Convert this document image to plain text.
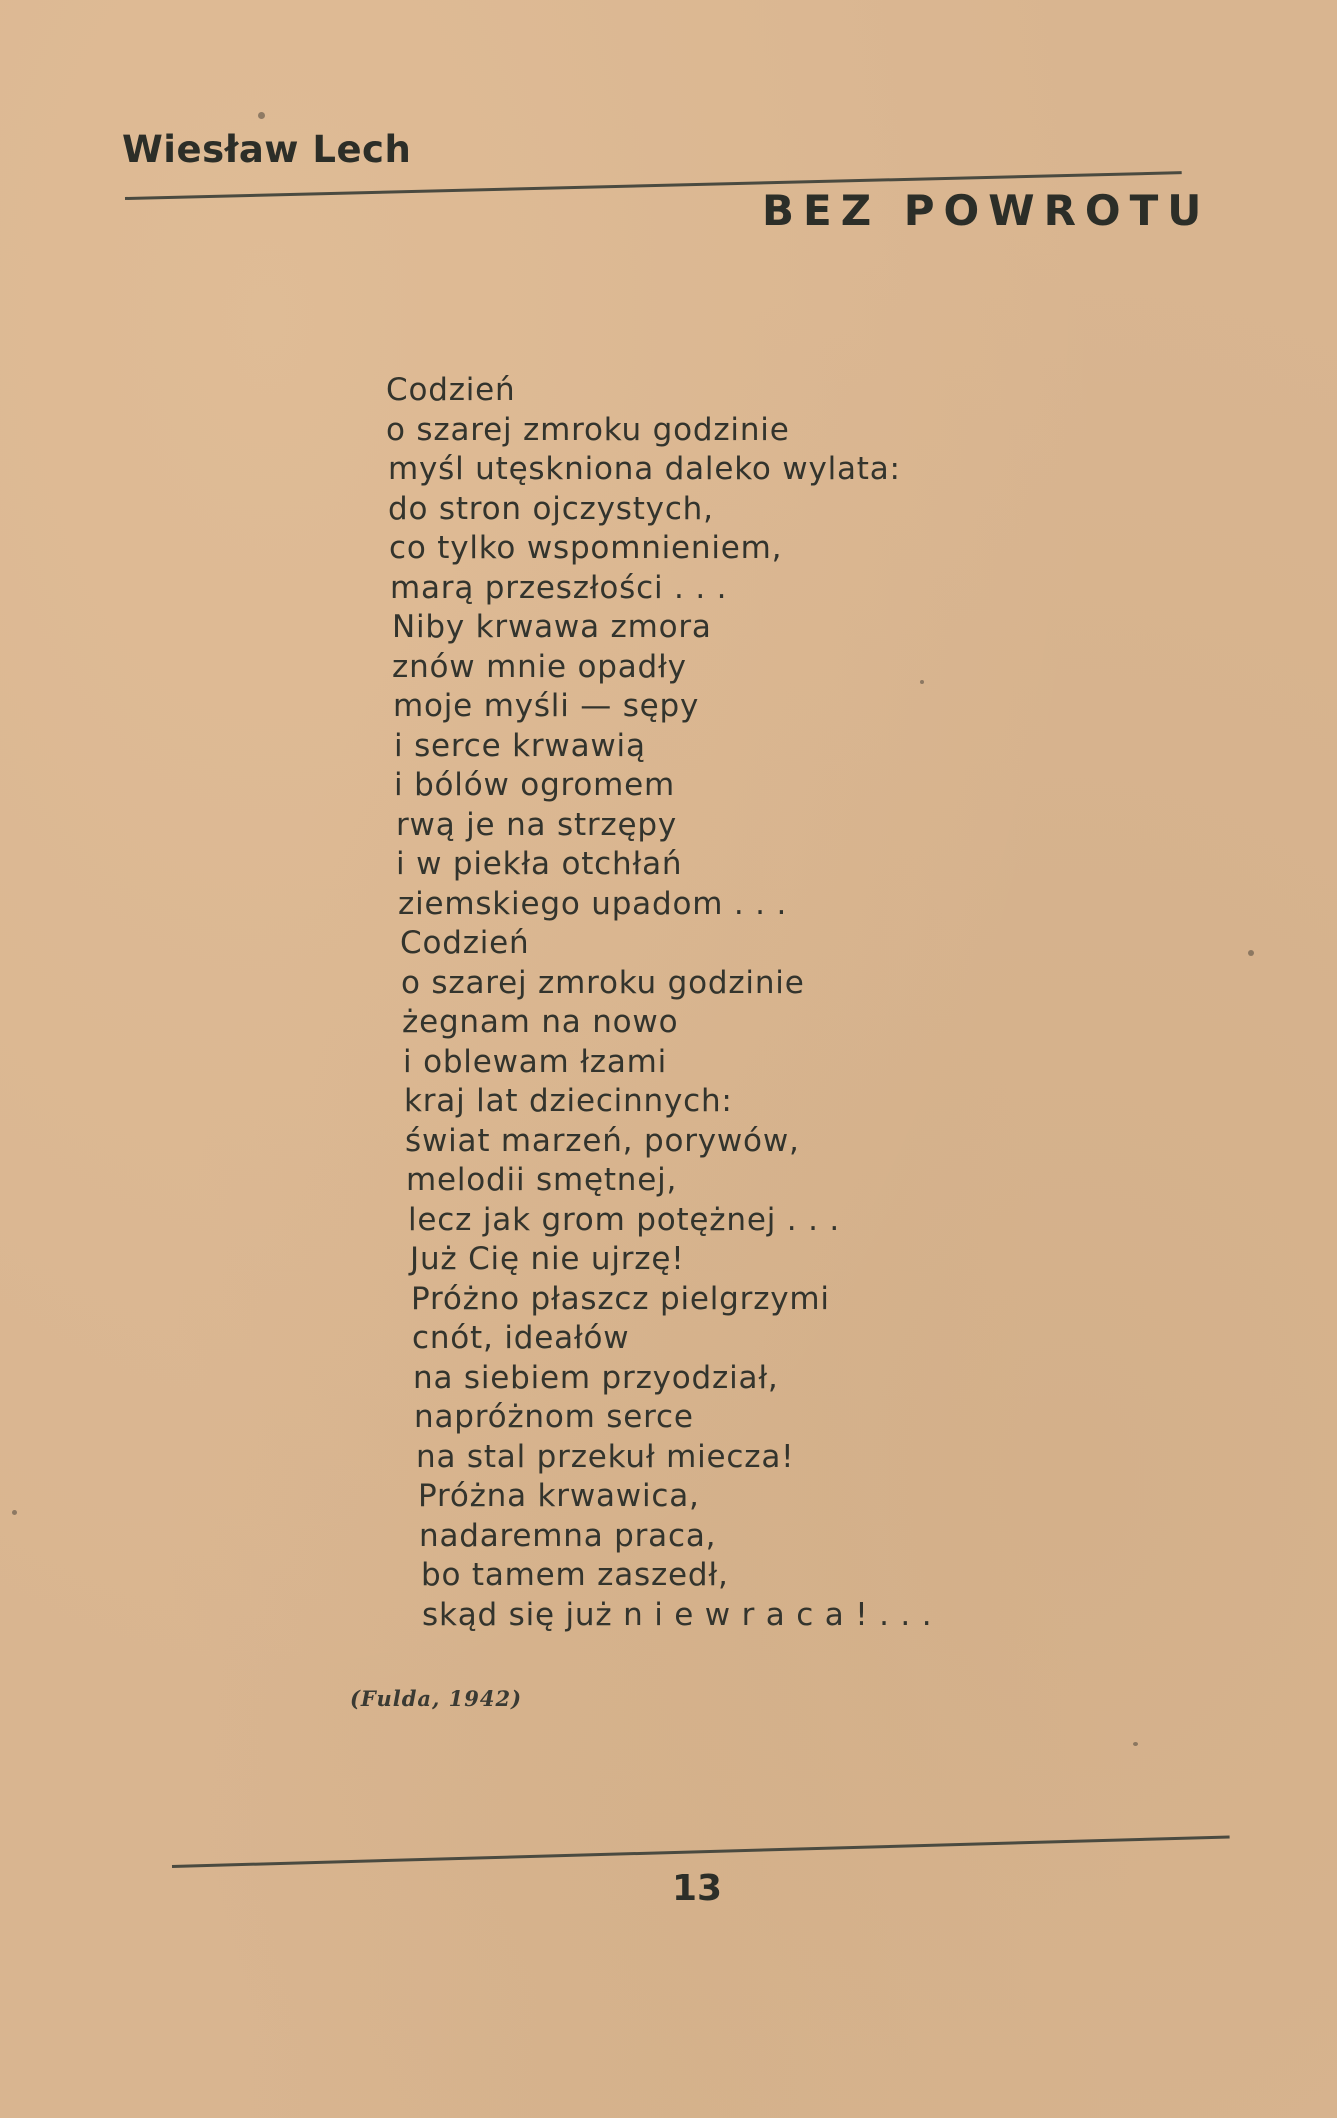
Wiesław Lech
BEZ POWROTU
Codzień
o szarej zmroku godzinie
myśl utęskniona daleko wylata:
do stron ojczystych,
co tylko wspomnieniem,
marą przeszłości . . .
Niby krwawa zmora
znów mnie opadły
moje myśli — sępy
i serce krwawią
i bólów ogromem
rwą je na strzępy
i w piekła otchłań
ziemskiego upadom . . .
Codzień
o szarej zmroku godzinie
żegnam na nowo
i oblewam łzami
kraj lat dziecinnych:
świat marzeń, porywów,
melodii smętnej,
lecz jak grom potężnej . . .
Już Cię nie ujrzę!
Próżno płaszcz pielgrzymi
cnót, ideałów
na siebiem przyodział,
napróżnom serce
na stal przekuł miecza!
Próżna krwawica,
nadaremna praca,
bo tamem zaszedł,
skąd się już n i e w r a c a ! . . .
(Fulda, 1942)
13
